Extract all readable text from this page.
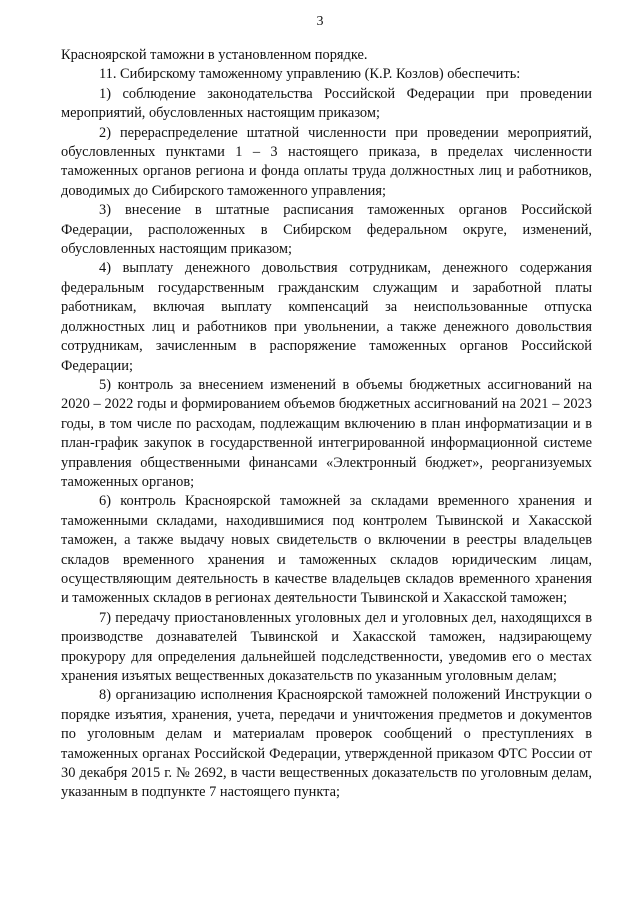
3

Красноярской таможни в установленном порядке.

11. Сибирскому таможенному управлению (К.Р. Козлов) обеспечить:

1) соблюдение законодательства Российской Федерации при проведении мероприятий, обусловленных настоящим приказом;

2) перераспределение штатной численности при проведении мероприятий, обусловленных пунктами 1 – 3 настоящего приказа, в пределах численности таможенных органов региона и фонда оплаты труда должностных лиц и работников, доводимых до Сибирского таможенного управления;

3) внесение в штатные расписания таможенных органов Российской Федерации, расположенных в Сибирском федеральном округе, изменений, обусловленных настоящим приказом;

4) выплату денежного довольствия сотрудникам, денежного содержания федеральным государственным гражданским служащим и заработной платы работникам, включая выплату компенсаций за неиспользованные отпуска должностных лиц и работников при увольнении, а также денежного довольствия сотрудникам, зачисленным в распоряжение таможенных органов Российской Федерации;

5) контроль за внесением изменений в объемы бюджетных ассигнований на 2020 – 2022 годы и формированием объемов бюджетных ассигнований на 2021 – 2023 годы, в том числе по расходам, подлежащим включению в план информатизации и в план-график закупок в государственной интегрированной информационной системе управления общественными финансами «Электронный бюджет», реорганизуемых таможенных органов;

6) контроль Красноярской таможней за складами временного хранения и таможенными складами, находившимися под контролем Тывинской и Хакасской таможен, а также выдачу новых свидетельств о включении в реестры владельцев складов временного хранения и таможенных складов юридическим лицам, осуществляющим деятельность в качестве владельцев складов временного хранения и таможенных складов в регионах деятельности Тывинской и Хакасской таможен;

7) передачу приостановленных уголовных дел и уголовных дел, находящихся в производстве дознавателей Тывинской и Хакасской таможен, надзирающему прокурору для определения дальнейшей подследственности, уведомив его о местах хранения изъятых вещественных доказательств по указанным уголовным делам;

8) организацию исполнения Красноярской таможней положений Инструкции о порядке изъятия, хранения, учета, передачи и уничтожения предметов и документов по уголовным делам и материалам проверок сообщений о преступлениях в таможенных органах Российской Федерации, утвержденной приказом ФТС России от 30 декабря 2015 г. № 2692, в части вещественных доказательств по уголовным делам, указанным в подпункте 7 настоящего пункта;
